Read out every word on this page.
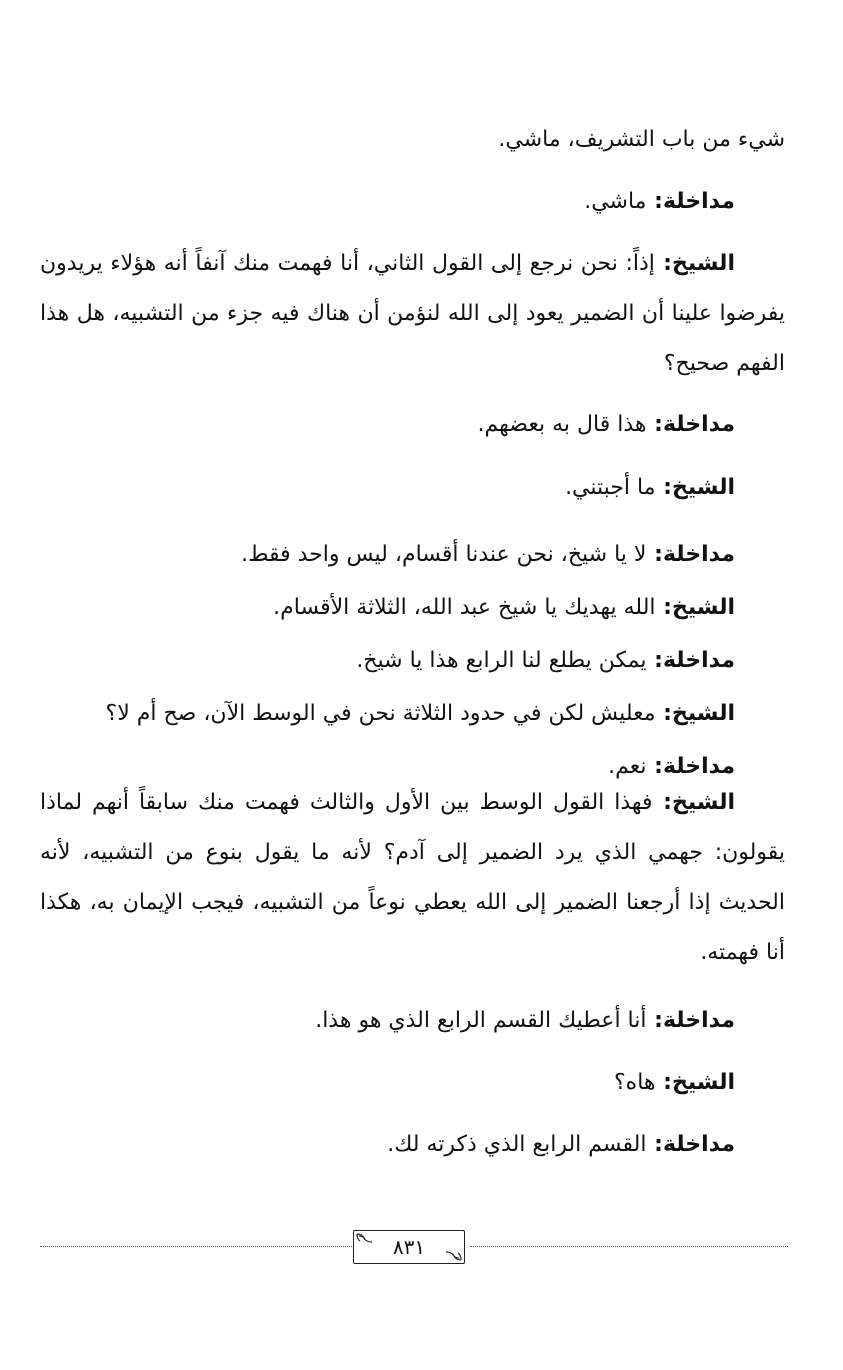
شيء من باب التشريف، ماشي.

مداخلة: ماشي.

الشيخ: إذاً: نحن نرجع إلى القول الثاني، أنا فهمت منك آنفاً أنه هؤلاء يريدون يفرضوا علينا أن الضمير يعود إلى الله لنؤمن أن هناك فيه جزء من التشبيه، هل هذا الفهم صحيح؟

مداخلة: هذا قال به بعضهم.

الشيخ: ما أجبتني.

مداخلة: لا يا شيخ، نحن عندنا أقسام، ليس واحد فقط.

الشيخ: الله يهديك يا شيخ عبد الله، الثلاثة الأقسام.

مداخلة: يمكن يطلع لنا الرابع هذا يا شيخ.

الشيخ: معليش لكن في حدود الثلاثة نحن في الوسط الآن، صح أم لا؟

مداخلة: نعم.

الشيخ: فهذا القول الوسط بين الأول والثالث فهمت منك سابقاً أنهم لماذا يقولون: جهمي الذي يرد الضمير إلى آدم؟ لأنه ما يقول بنوع من التشبيه، لأنه الحديث إذا أرجعنا الضمير إلى الله يعطي نوعاً من التشبيه، فيجب الإيمان به، هكذا أنا فهمته.

مداخلة: أنا أعطيك القسم الرابع الذي هو هذا.

الشيخ: هاه؟

مداخلة: القسم الرابع الذي ذكرته لك.

٨٣١
